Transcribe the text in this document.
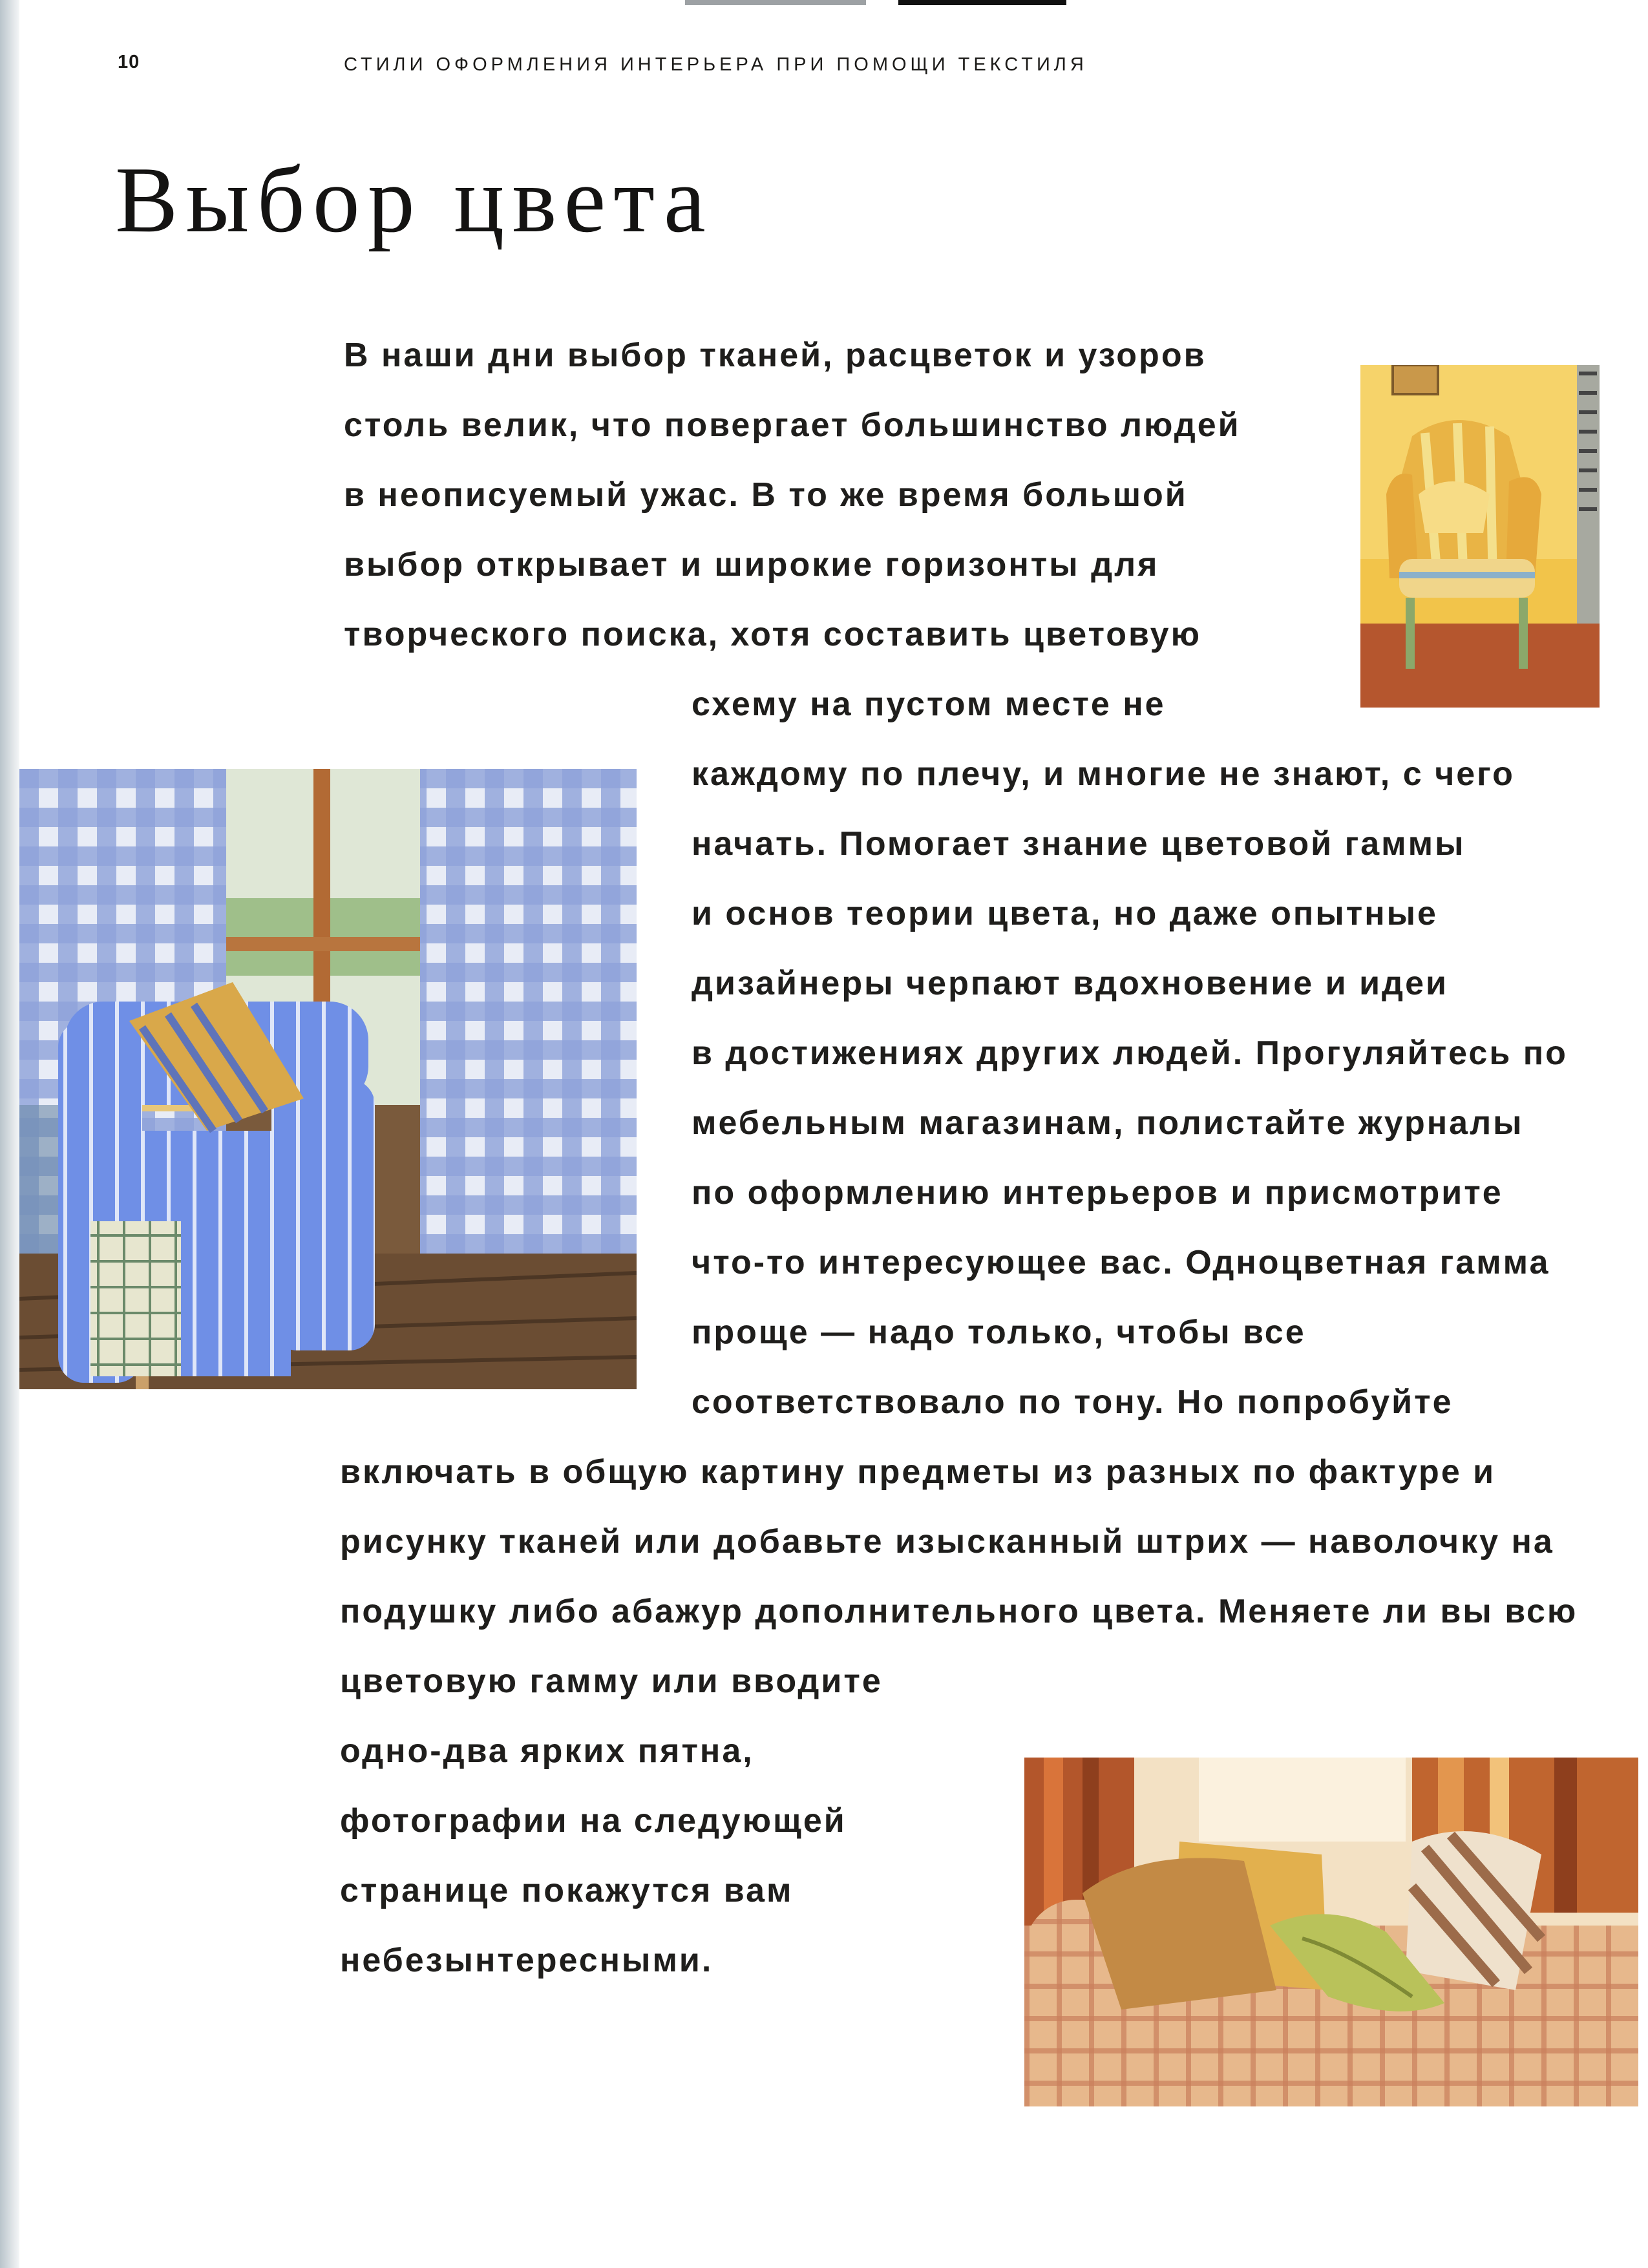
10	СТИЛИ ОФОРМЛЕНИЯ ИНТЕРЬЕРА ПРИ ПОМОЩИ ТЕКСТИЛЯ
Выбор цвета
В наши дни выбор тканей, расцветок и узоров
столь велик, что повергает большинство людей
в неописуемый ужас. В то же время большой
выбор открывает и широкие горизонты для
творческого поиска, хотя составить цветовую
схему на пустом месте не
каждому по плечу, и многие не знают, с чего
начать. Помогает знание цветовой гаммы
и основ теории цвета, но даже опытные
дизайнеры черпают вдохновение и идеи
в достижениях других людей. Прогуляйтесь по
мебельным магазинам, полистайте журналы
по оформлению интерьеров и присмотрите
что-то интересующее вас. Одноцветная гамма
проще — надо только, чтобы все
соответствовало по тону. Но попробуйте
включать в общую картину предметы из разных по фактуре и
рисунку тканей или добавьте изысканный штрих — наволочку на
подушку либо абажур дополнительного цвета. Меняете ли вы всю
цветовую гамму или вводите
одно-два ярких пятна,
фотографии на следующей
странице покажутся вам
небезынтересными.
